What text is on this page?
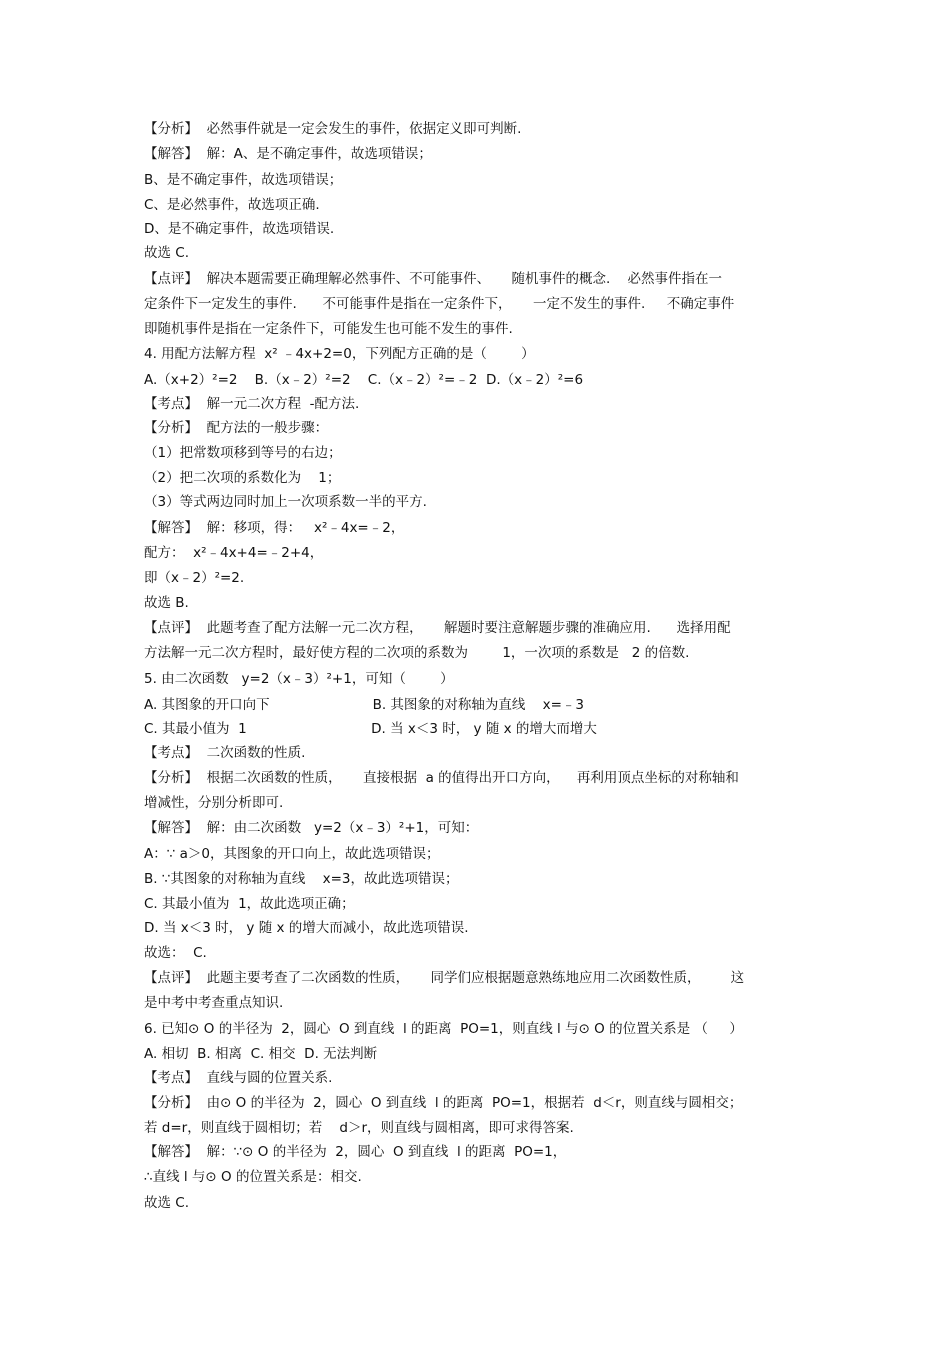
【分析】  必然事件就是一定会发生的事件，依据定义即可判断.
【解答】  解：A、是不确定事件，故选项错误；
B、是不确定事件，故选项错误；
C、是必然事件，故选项正确.
D、是不确定事件，故选项错误.
故选 C.
【点评】  解决本题需要正确理解必然事件、不可能事件、     随机事件的概念.    必然事件指在一
定条件下一定发生的事件.      不可能事件是指在一定条件下，     一定不发生的事件.     不确定事件
即随机事件是指在一定条件下，可能发生也可能不发生的事件.
4. 用配方法解方程  x² ﹣4x+2=0，下列配方正确的是（        ）
A.（x+2）²=2    B.（x﹣2）²=2    C.（x﹣2）²=﹣2  D.（x﹣2）²=6
【考点】  解一元二次方程  -配方法.
【分析】  配方法的一般步骤：
（1）把常数项移到等号的右边；
（2）把二次项的系数化为    1；
（3）等式两边同时加上一次项系数一半的平方.
【解答】  解：移项，得：   x²﹣4x=﹣2，
配方：  x²﹣4x+4=﹣2+4，
即（x﹣2）²=2.
故选 B.
【点评】  此题考查了配方法解一元二次方程，     解题时要注意解题步骤的准确应用.      选择用配
方法解一元二次方程时，最好使方程的二次项的系数为        1，一次项的系数是   2 的倍数.
5. 由二次函数   y=2（x﹣3）²+1，可知（        ）
A. 其图象的开口向下                        B. 其图象的对称轴为直线    x=﹣3
C. 其最小值为  1                             D. 当 x＜3 时， y 随 x 的增大而增大
【考点】  二次函数的性质.
【分析】  根据二次函数的性质，     直接根据  a 的值得出开口方向，    再利用顶点坐标的对称轴和
增减性，分别分析即可.
【解答】  解：由二次函数   y=2（x﹣3）²+1，可知：
A：∵ a＞0，其图象的开口向上，故此选项错误；
B. ∵其图象的对称轴为直线    x=3，故此选项错误；
C. 其最小值为  1，故此选项正确；
D. 当 x＜3 时， y 随 x 的增大而减小，故此选项错误.
故选：  C.
【点评】  此题主要考查了二次函数的性质，     同学们应根据题意熟练地应用二次函数性质，       这
是中考中考查重点知识.
6. 已知⊙ O 的半径为  2，圆心  O 到直线  l 的距离  PO=1，则直线 l 与⊙ O 的位置关系是 （     ）
A. 相切  B. 相离  C. 相交  D. 无法判断
【考点】  直线与圆的位置关系.
【分析】  由⊙ O 的半径为  2，圆心  O 到直线  l 的距离  PO=1，根据若  d＜r，则直线与圆相交；
若 d=r，则直线于圆相切；若    d＞r，则直线与圆相离，即可求得答案.
【解答】  解：∵⊙ O 的半径为  2，圆心  O 到直线  l 的距离  PO=1，
∴直线 l 与⊙ O 的位置关系是：相交.
故选 C.
